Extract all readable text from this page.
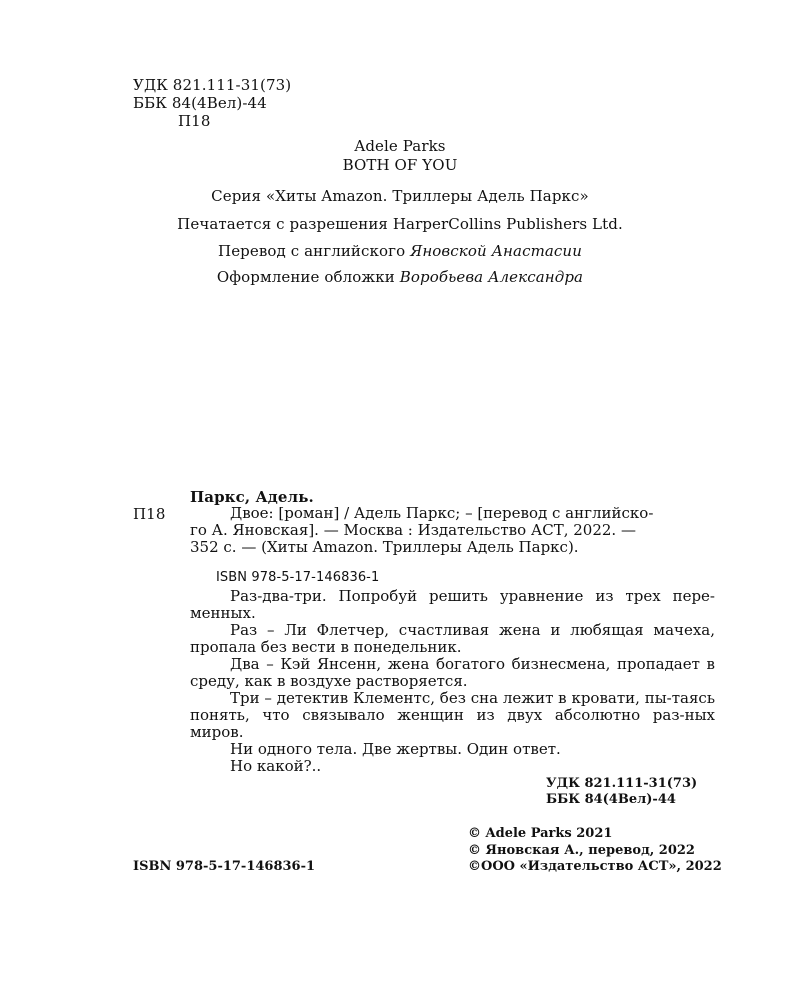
УДК 821.111-31(73)
ББК 84(4Вел)-44
П18
Adele Parks
BOTH OF YOU
Серия «Хиты Amazon. Триллеры Адель Паркс»
Печатается с разрешения HarperCollins Publishers Ltd.
Перевод с английского Яновской Анастасии
Оформление обложки Воробьева Александра
Паркс, Адель.
П18	Двое: [роман] / Адель Паркс; – [перевод с английско-
го А. Яновская]. — Москва : Издательство АСТ, 2022. —
352 с. — (Хиты Amazon. Триллеры Адель Паркс).
ISBN 978-5-17-146836-1

Раз-два-три. Попробуй решить уравнение из трех пере-менных.

Раз – Ли Флетчер, счастливая жена и любящая мачеха, пропала без вести в понедельник.

Два – Кэй Янсенн, жена богатого бизнесмена, пропадает в среду, как в воздухе растворяется.

Три – детектив Клементс, без сна лежит в кровати, пы-таясь понять, что связывало женщин из двух абсолютно раз-ных миров.

Ни одного тела. Две жертвы. Один ответ.

Но какой?..

УДК 821.111-31(73)
ББК 84(4Вел)-44
ISBN 978-5-17-146836-1
© Adele Parks 2021
© Яновская А., перевод, 2022
©ООО «Издательство АСТ», 2022
